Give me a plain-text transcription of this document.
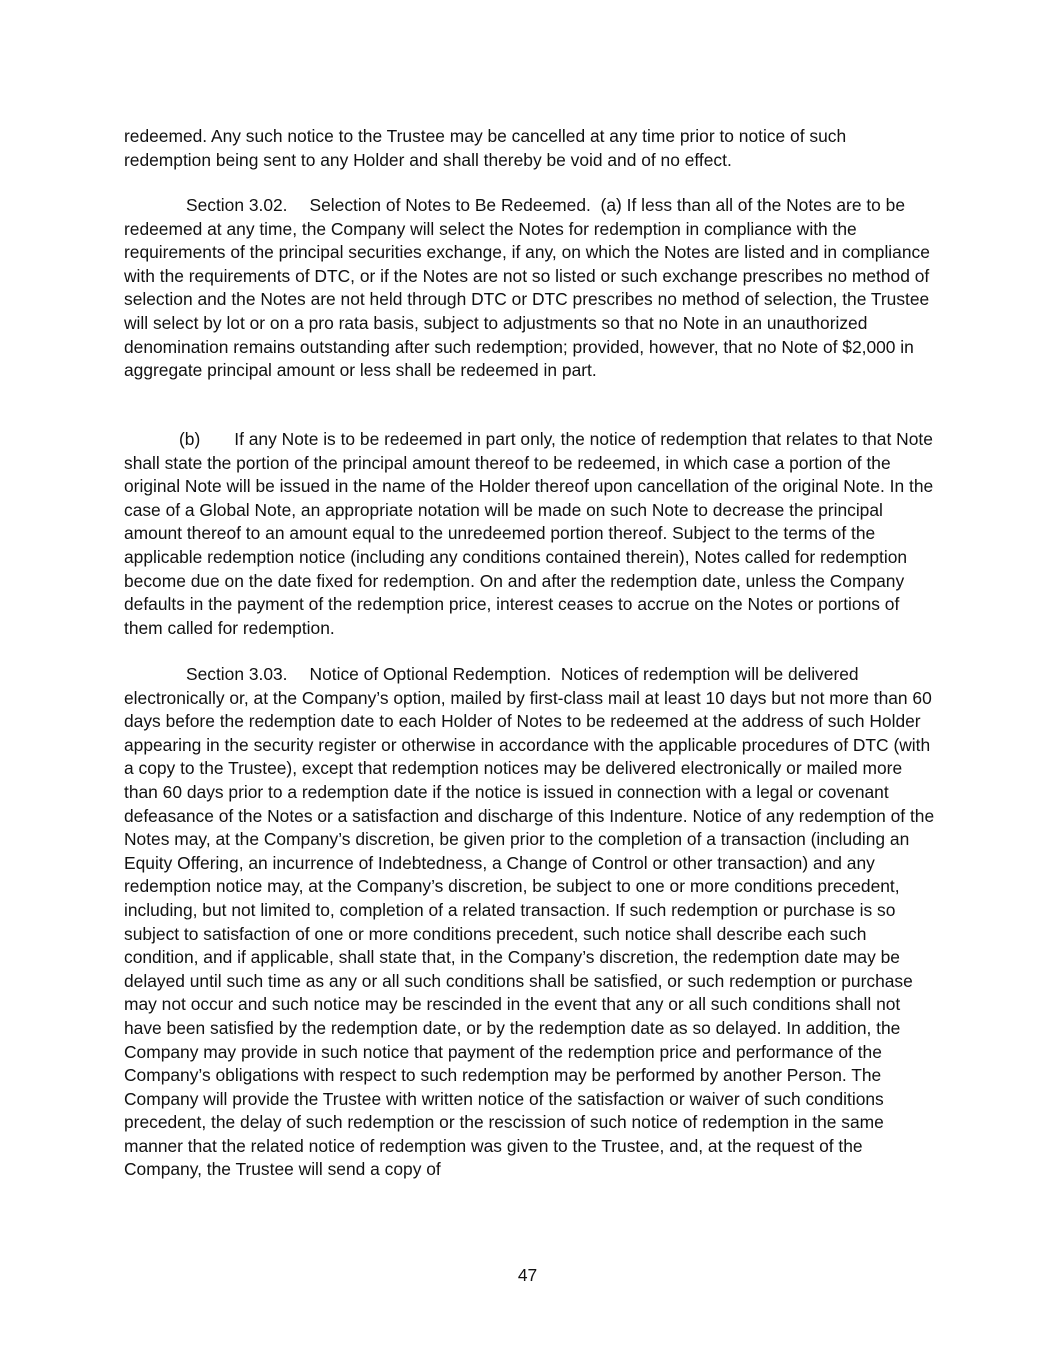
redeemed. Any such notice to the Trustee may be cancelled at any time prior to notice of such redemption being sent to any Holder and shall thereby be void and of no effect.

Section 3.02. Selection of Notes to Be Redeemed. (a) If less than all of the Notes are to be redeemed at any time, the Company will select the Notes for redemption in compliance with the requirements of the principal securities exchange, if any, on which the Notes are listed and in compliance with the requirements of DTC, or if the Notes are not so listed or such exchange prescribes no method of selection and the Notes are not held through DTC or DTC prescribes no method of selection, the Trustee will select by lot or on a pro rata basis, subject to adjustments so that no Note in an unauthorized denomination remains outstanding after such redemption; provided, however, that no Note of $2,000 in aggregate principal amount or less shall be redeemed in part.

(b) If any Note is to be redeemed in part only, the notice of redemption that relates to that Note shall state the portion of the principal amount thereof to be redeemed, in which case a portion of the original Note will be issued in the name of the Holder thereof upon cancellation of the original Note. In the case of a Global Note, an appropriate notation will be made on such Note to decrease the principal amount thereof to an amount equal to the unredeemed portion thereof. Subject to the terms of the applicable redemption notice (including any conditions contained therein), Notes called for redemption become due on the date fixed for redemption. On and after the redemption date, unless the Company defaults in the payment of the redemption price, interest ceases to accrue on the Notes or portions of them called for redemption.

Section 3.03. Notice of Optional Redemption. Notices of redemption will be delivered electronically or, at the Company’s option, mailed by first-class mail at least 10 days but not more than 60 days before the redemption date to each Holder of Notes to be redeemed at the address of such Holder appearing in the security register or otherwise in accordance with the applicable procedures of DTC (with a copy to the Trustee), except that redemption notices may be delivered electronically or mailed more than 60 days prior to a redemption date if the notice is issued in connection with a legal or covenant defeasance of the Notes or a satisfaction and discharge of this Indenture. Notice of any redemption of the Notes may, at the Company’s discretion, be given prior to the completion of a transaction (including an Equity Offering, an incurrence of Indebtedness, a Change of Control or other transaction) and any redemption notice may, at the Company’s discretion, be subject to one or more conditions precedent, including, but not limited to, completion of a related transaction. If such redemption or purchase is so subject to satisfaction of one or more conditions precedent, such notice shall describe each such condition, and if applicable, shall state that, in the Company’s discretion, the redemption date may be delayed until such time as any or all such conditions shall be satisfied, or such redemption or purchase may not occur and such notice may be rescinded in the event that any or all such conditions shall not have been satisfied by the redemption date, or by the redemption date as so delayed. In addition, the Company may provide in such notice that payment of the redemption price and performance of the Company’s obligations with respect to such redemption may be performed by another Person. The Company will provide the Trustee with written notice of the satisfaction or waiver of such conditions precedent, the delay of such redemption or the rescission of such notice of redemption in the same manner that the related notice of redemption was given to the Trustee, and, at the request of the Company, the Trustee will send a copy of

47
